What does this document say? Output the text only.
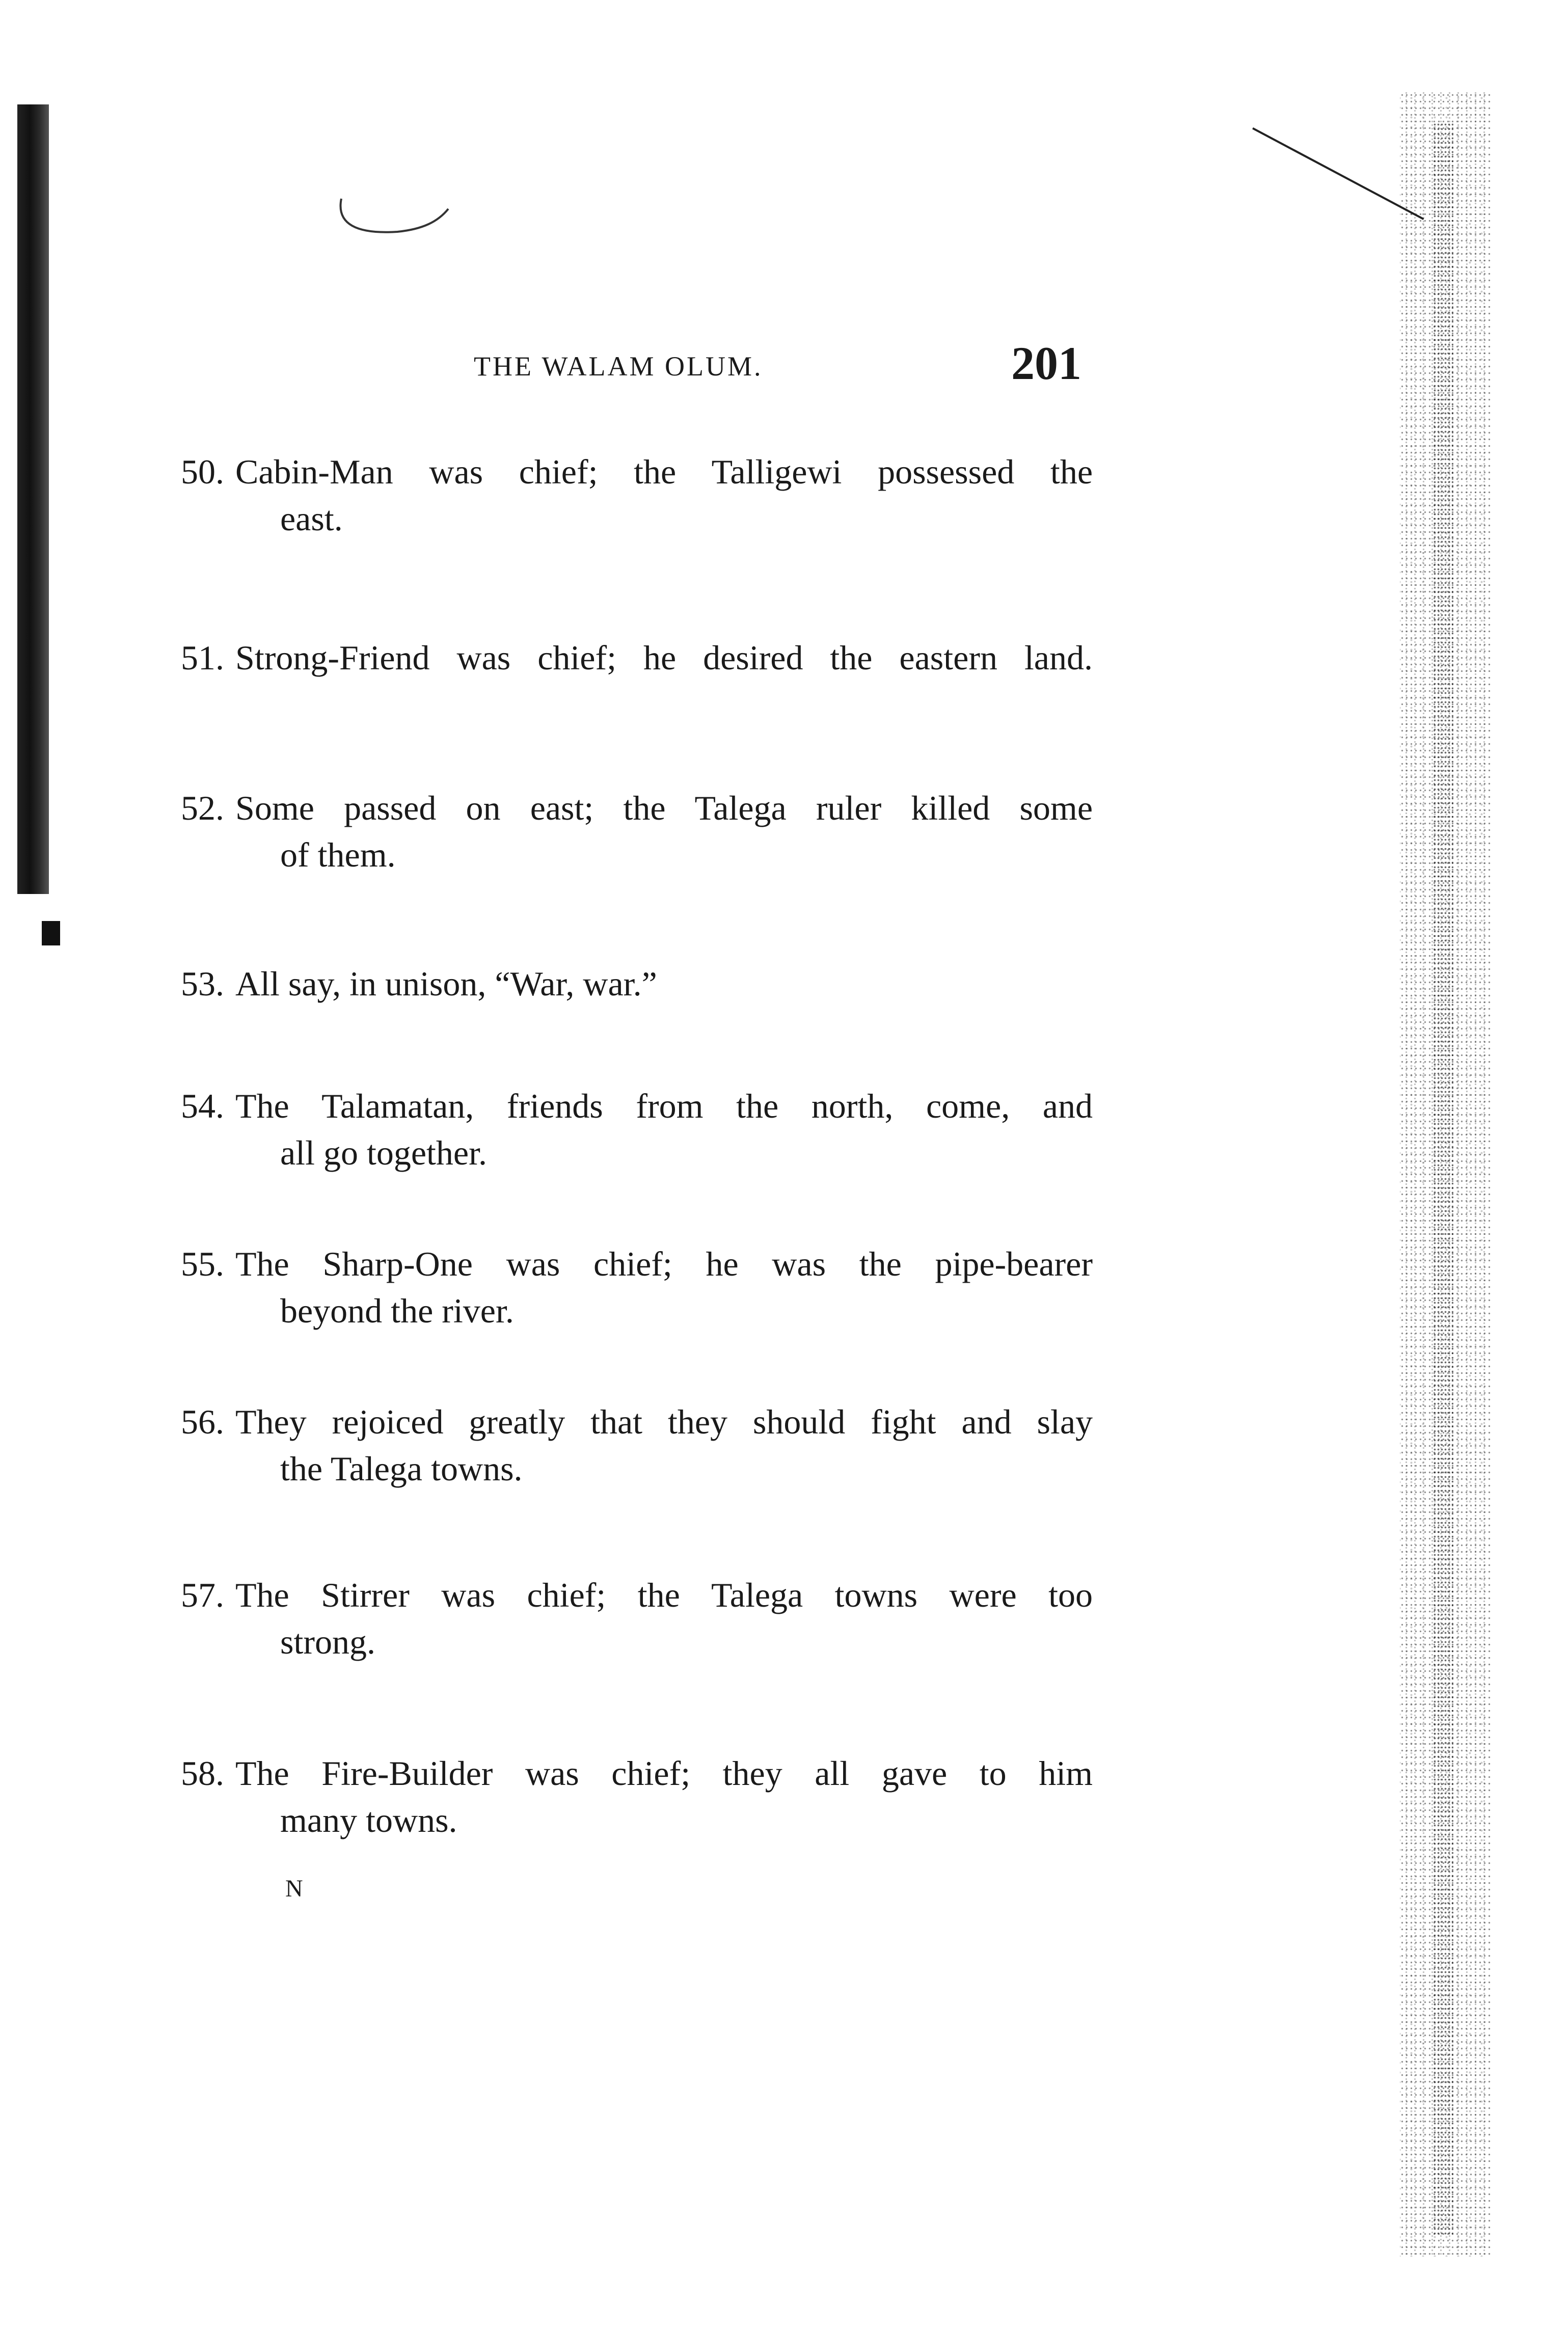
THE WALAM OLUM.	201
50. Cabin-Man was chief; the Talligewi possessed the
east.
51. Strong-Friend was chief; he desired the eastern land.
52. Some passed on east; the Talega ruler killed some
of them.
53. All say, in unison, “War, war.”
54. The Talamatan, friends from the north, come, and
all go together.
55. The Sharp-One was chief; he was the pipe-bearer
beyond the river.
56. They rejoiced greatly that they should fight and slay
the Talega towns.
57. The Stirrer was chief; the Talega towns were too
strong.
58. The Fire-Builder was chief; they all gave to him
many towns.
N
